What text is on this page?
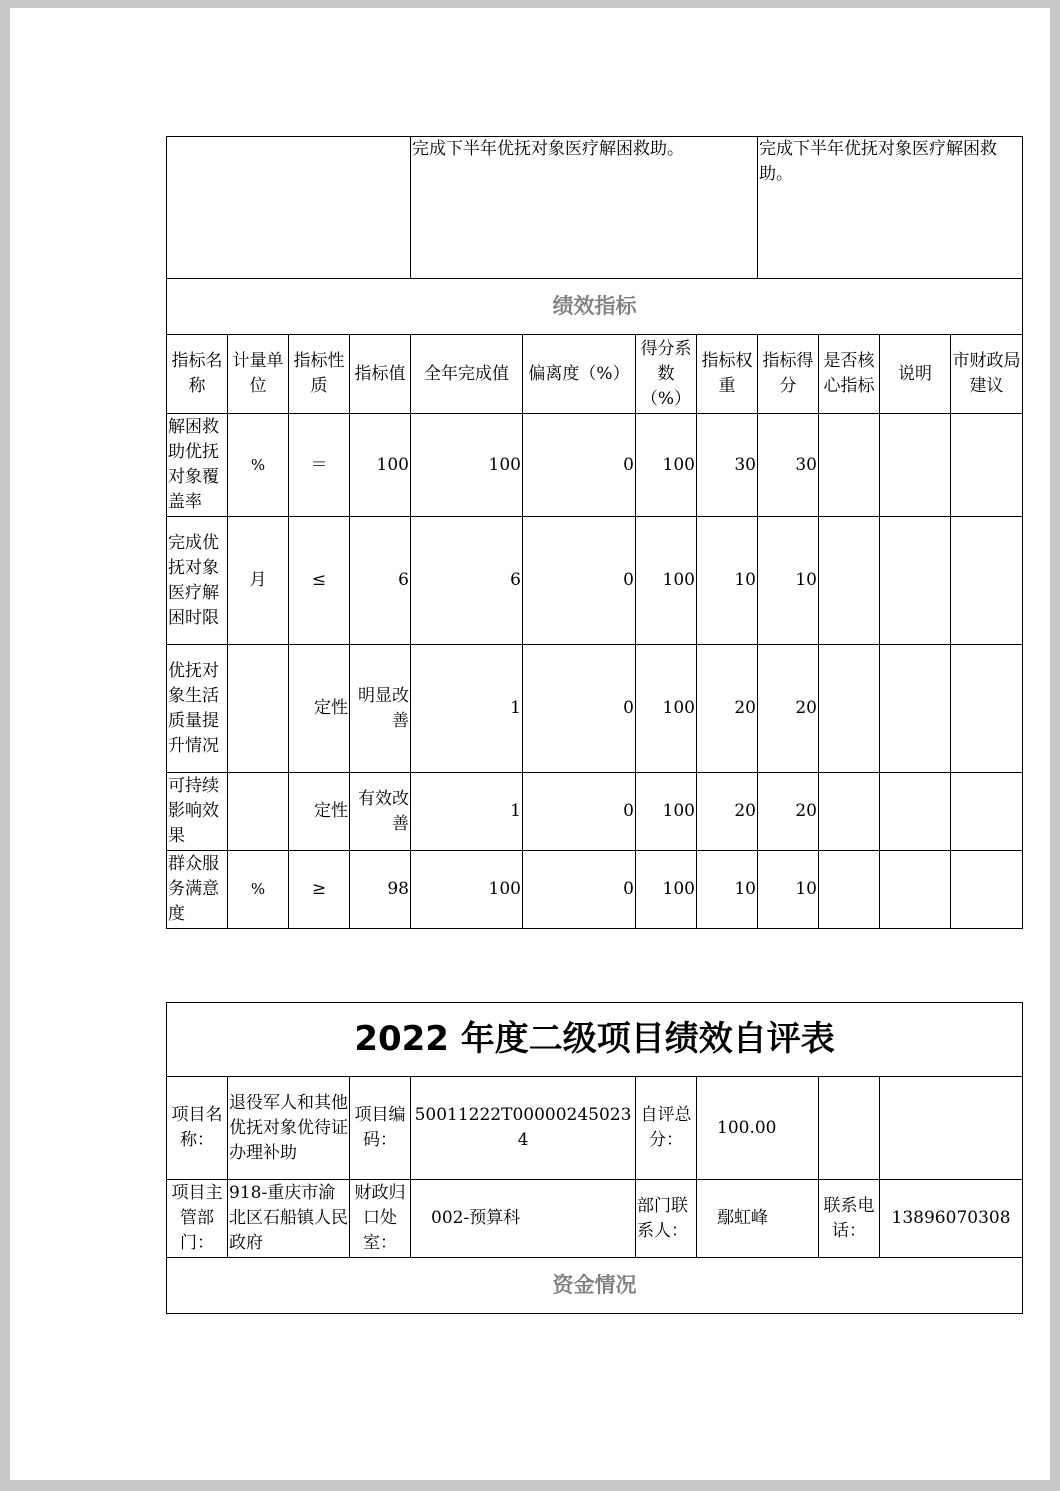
				完成下半年优抚对象医疗解困救助。				完成下半年优抚对象医疗解困救助。			
绩效指标											
指标名称	计量单位	指标性质	指标值	全年完成值	偏离度（%）	得分系数（%）	指标权重	指标得分	是否核心指标	说明	市财政局建议
解困救助优抚对象覆盖率	%	＝	100	100	0	100	30	30			
完成优抚对象医疗解困时限	月	≤	6	6	0	100	10	10			
优抚对象生活质量提升情况		定性	明显改善	1	0	100	20	20			
可持续影响效果		定性	有效改善	1	0	100	20	20			
群众服务满意度	%	≥	98	100	0	100	10	10			
2022 年度二级项目绩效自评表							
项目名称：	退役军人和其他优抚对象优待证办理补助	项目编码：	50011222T000002450234	自评总分：	100.00		
项目主管部门：	918-重庆市渝北区石船镇人民政府	财政归口处室：	002-预算科	部门联系人：	鄢虹峰	联系电话：	13896070308
资金情况							
